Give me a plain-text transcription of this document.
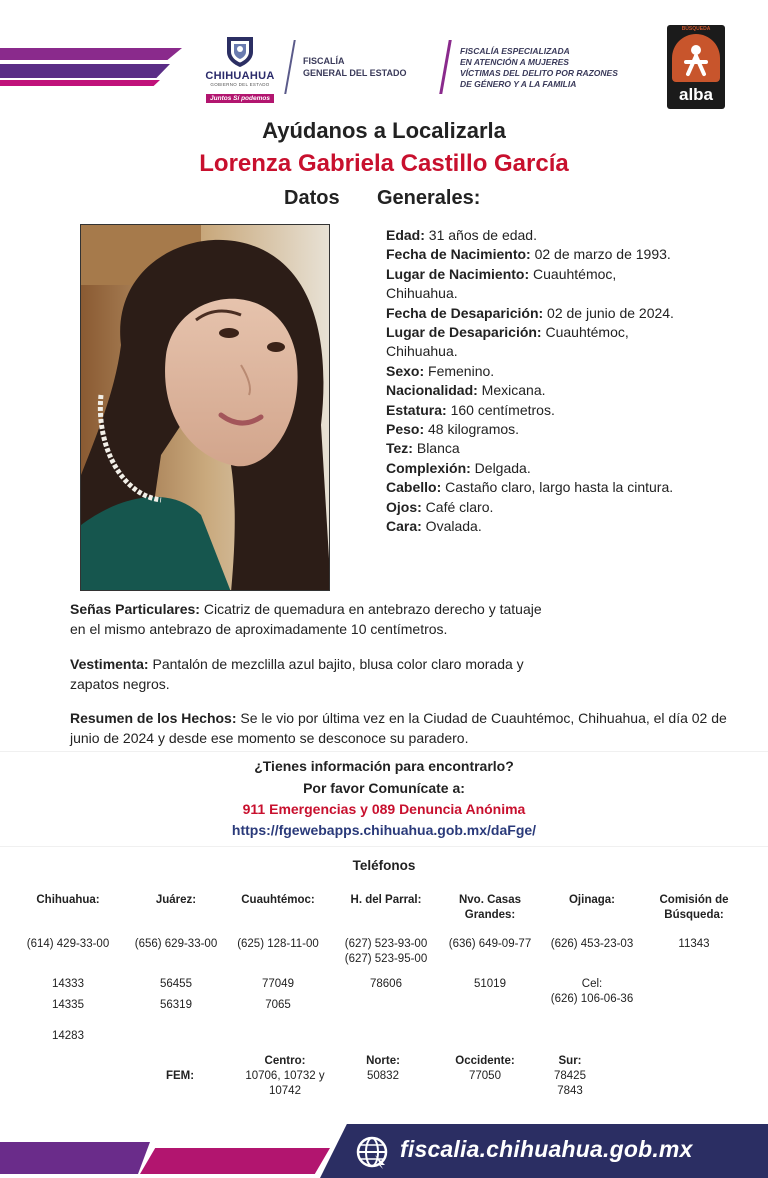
CHIHUAHUA
GOBIERNO DEL ESTADO
Juntos Sí podemos
FISCALÍA
GENERAL DEL ESTADO
FISCALÍA ESPECIALIZADA
EN ATENCIÓN A MUJERES
VÍCTIMAS DEL DELITO POR RAZONES
DE GÉNERO Y A LA FAMILIA
BÚSQUEDA
alba
Ayúdanos a Localizarla
Lorenza Gabriela Castillo García
Datos Generales:
Edad: 31 años de edad.
Fecha de Nacimiento: 02 de marzo de 1993.
Lugar de Nacimiento: Cuauhtémoc, Chihuahua.
Fecha de Desaparición: 02 de junio de 2024.
Lugar de Desaparición: Cuauhtémoc, Chihuahua.
Sexo: Femenino.
Nacionalidad: Mexicana.
Estatura: 160 centímetros.
Peso: 48 kilogramos.
Tez: Blanca
Complexión: Delgada.
Cabello: Castaño claro, largo hasta la cintura.
Ojos: Café claro.
Cara: Ovalada.
Señas Particulares: Cicatriz de quemadura en antebrazo derecho y tatuaje en el mismo antebrazo de aproximadamente 10 centímetros.
Vestimenta: Pantalón de mezclilla azul bajito, blusa color claro morada y zapatos negros.
Resumen de los Hechos: Se le vio por última vez en la Ciudad de Cuauhtémoc, Chihuahua, el día 02 de junio de 2024 y desde ese momento se desconoce su paradero.
¿Tienes información para encontrarlo?
Por favor Comunícate a:
911 Emergencias y 089 Denuncia Anónima
https://fgewebapps.chihuahua.gob.mx/daFge/
Teléfonos
Chihuahua:
(614) 429-33-00
14333
14335
14283
Juárez:
(656) 629-33-00
56455
56319
Cuauhtémoc:
(625) 128-11-00
77049
7065
H. del Parral:
(627) 523-93-00
(627) 523-95-00
78606
Nvo. Casas
Grandes:
(636) 649-09-77
51019
Ojinaga:
(626) 453-23-03
Cel:
(626) 106-06-36
Comisión de
Búsqueda:
11343
FEM:
Centro:
10706, 10732 y
10742
Norte:
50832
Occidente:
77050
Sur:
78425
7843
fiscalia.chihuahua.gob.mx
